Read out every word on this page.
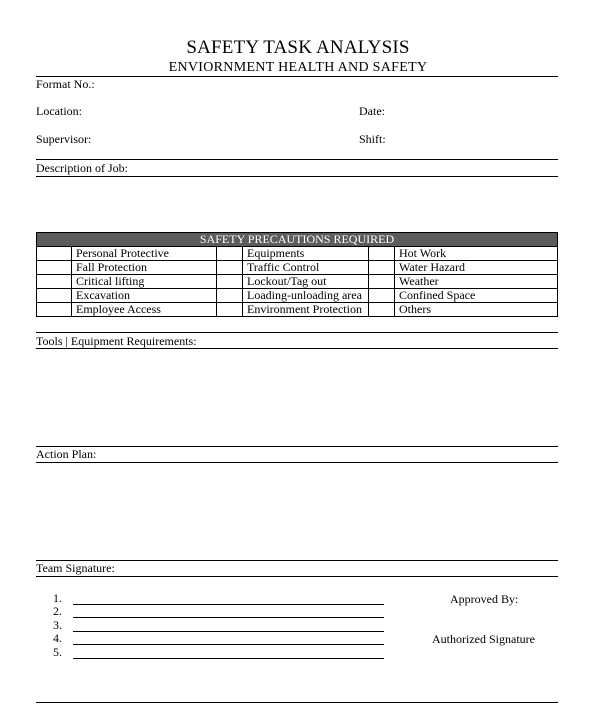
SAFETY TASK ANALYSIS
ENVIORNMENT HEALTH AND SAFETY
Format No.:
Location:	Date:
Supervisor:	Shift:
Description of Job:
SAFETY PRECAUTIONS REQUIRED					
	Personal Protective		Equipments		Hot Work
	Fall Protection		Traffic Control		Water Hazard
	Critical lifting		Lockout/Tag out		Weather
	Excavation		Loading-unloading area		Confined Space
	Employee Access		Environment Protection		Others
Tools | Equipment Requirements:
Action Plan:
Team Signature:
1.
2.
3.
4.
5.
Approved By:
Authorized Signature
